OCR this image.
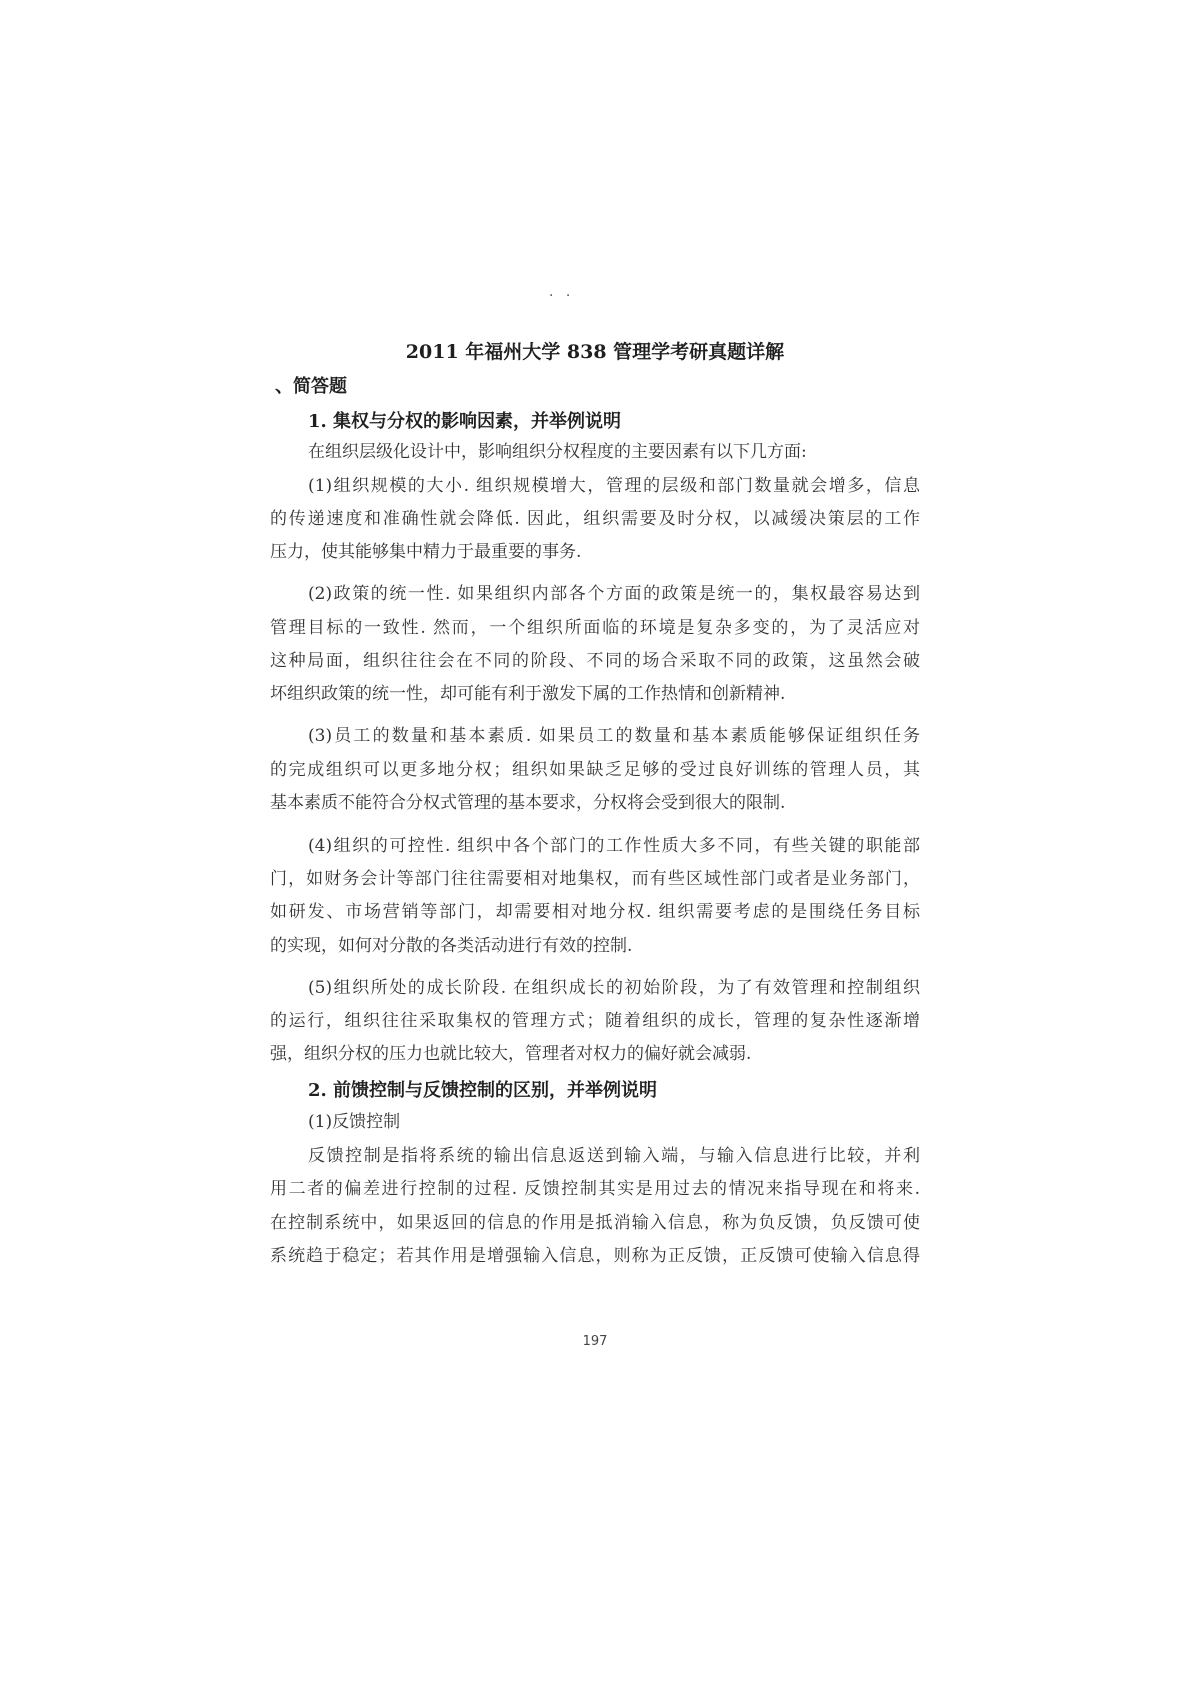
· ·
2011 年福州大学 838 管理学考研真题详解
、简答题
1. 集权与分权的影响因素，并举例说明
在组织层级化设计中，影响组织分权程度的主要因素有以下几方面:
(1)组织规模的大小. 组织规模增大，管理的层级和部门数量就会增多，信息
的传递速度和准确性就会降低. 因此，组织需要及时分权，以减缓决策层的工作
压力，使其能够集中精力于最重要的事务.
(2)政策的统一性. 如果组织内部各个方面的政策是统一的，集权最容易达到
管理目标的一致性. 然而，一个组织所面临的环境是复杂多变的，为了灵活应对
这种局面，组织往往会在不同的阶段、不同的场合采取不同的政策，这虽然会破
坏组织政策的统一性，却可能有利于激发下属的工作热情和创新精神.
(3)员工的数量和基本素质. 如果员工的数量和基本素质能够保证组织任务
的完成组织可以更多地分权；组织如果缺乏足够的受过良好训练的管理人员，其
基本素质不能符合分权式管理的基本要求，分权将会受到很大的限制.
(4)组织的可控性. 组织中各个部门的工作性质大多不同，有些关键的职能部
门，如财务会计等部门往往需要相对地集权，而有些区域性部门或者是业务部门，
如研发、市场营销等部门，却需要相对地分权. 组织需要考虑的是围绕任务目标
的实现，如何对分散的各类活动进行有效的控制.
(5)组织所处的成长阶段. 在组织成长的初始阶段，为了有效管理和控制组织
的运行，组织往往采取集权的管理方式；随着组织的成长，管理的复杂性逐渐增
强，组织分权的压力也就比较大，管理者对权力的偏好就会减弱.
2. 前馈控制与反馈控制的区别，并举例说明
(1)反馈控制
反馈控制是指将系统的输出信息返送到输入端，与输入信息进行比较，并利
用二者的偏差进行控制的过程. 反馈控制其实是用过去的情况来指导现在和将来.
在控制系统中，如果返回的信息的作用是抵消输入信息，称为负反馈，负反馈可使
系统趋于稳定；若其作用是增强输入信息，则称为正反馈，正反馈可使输入信息得
197
